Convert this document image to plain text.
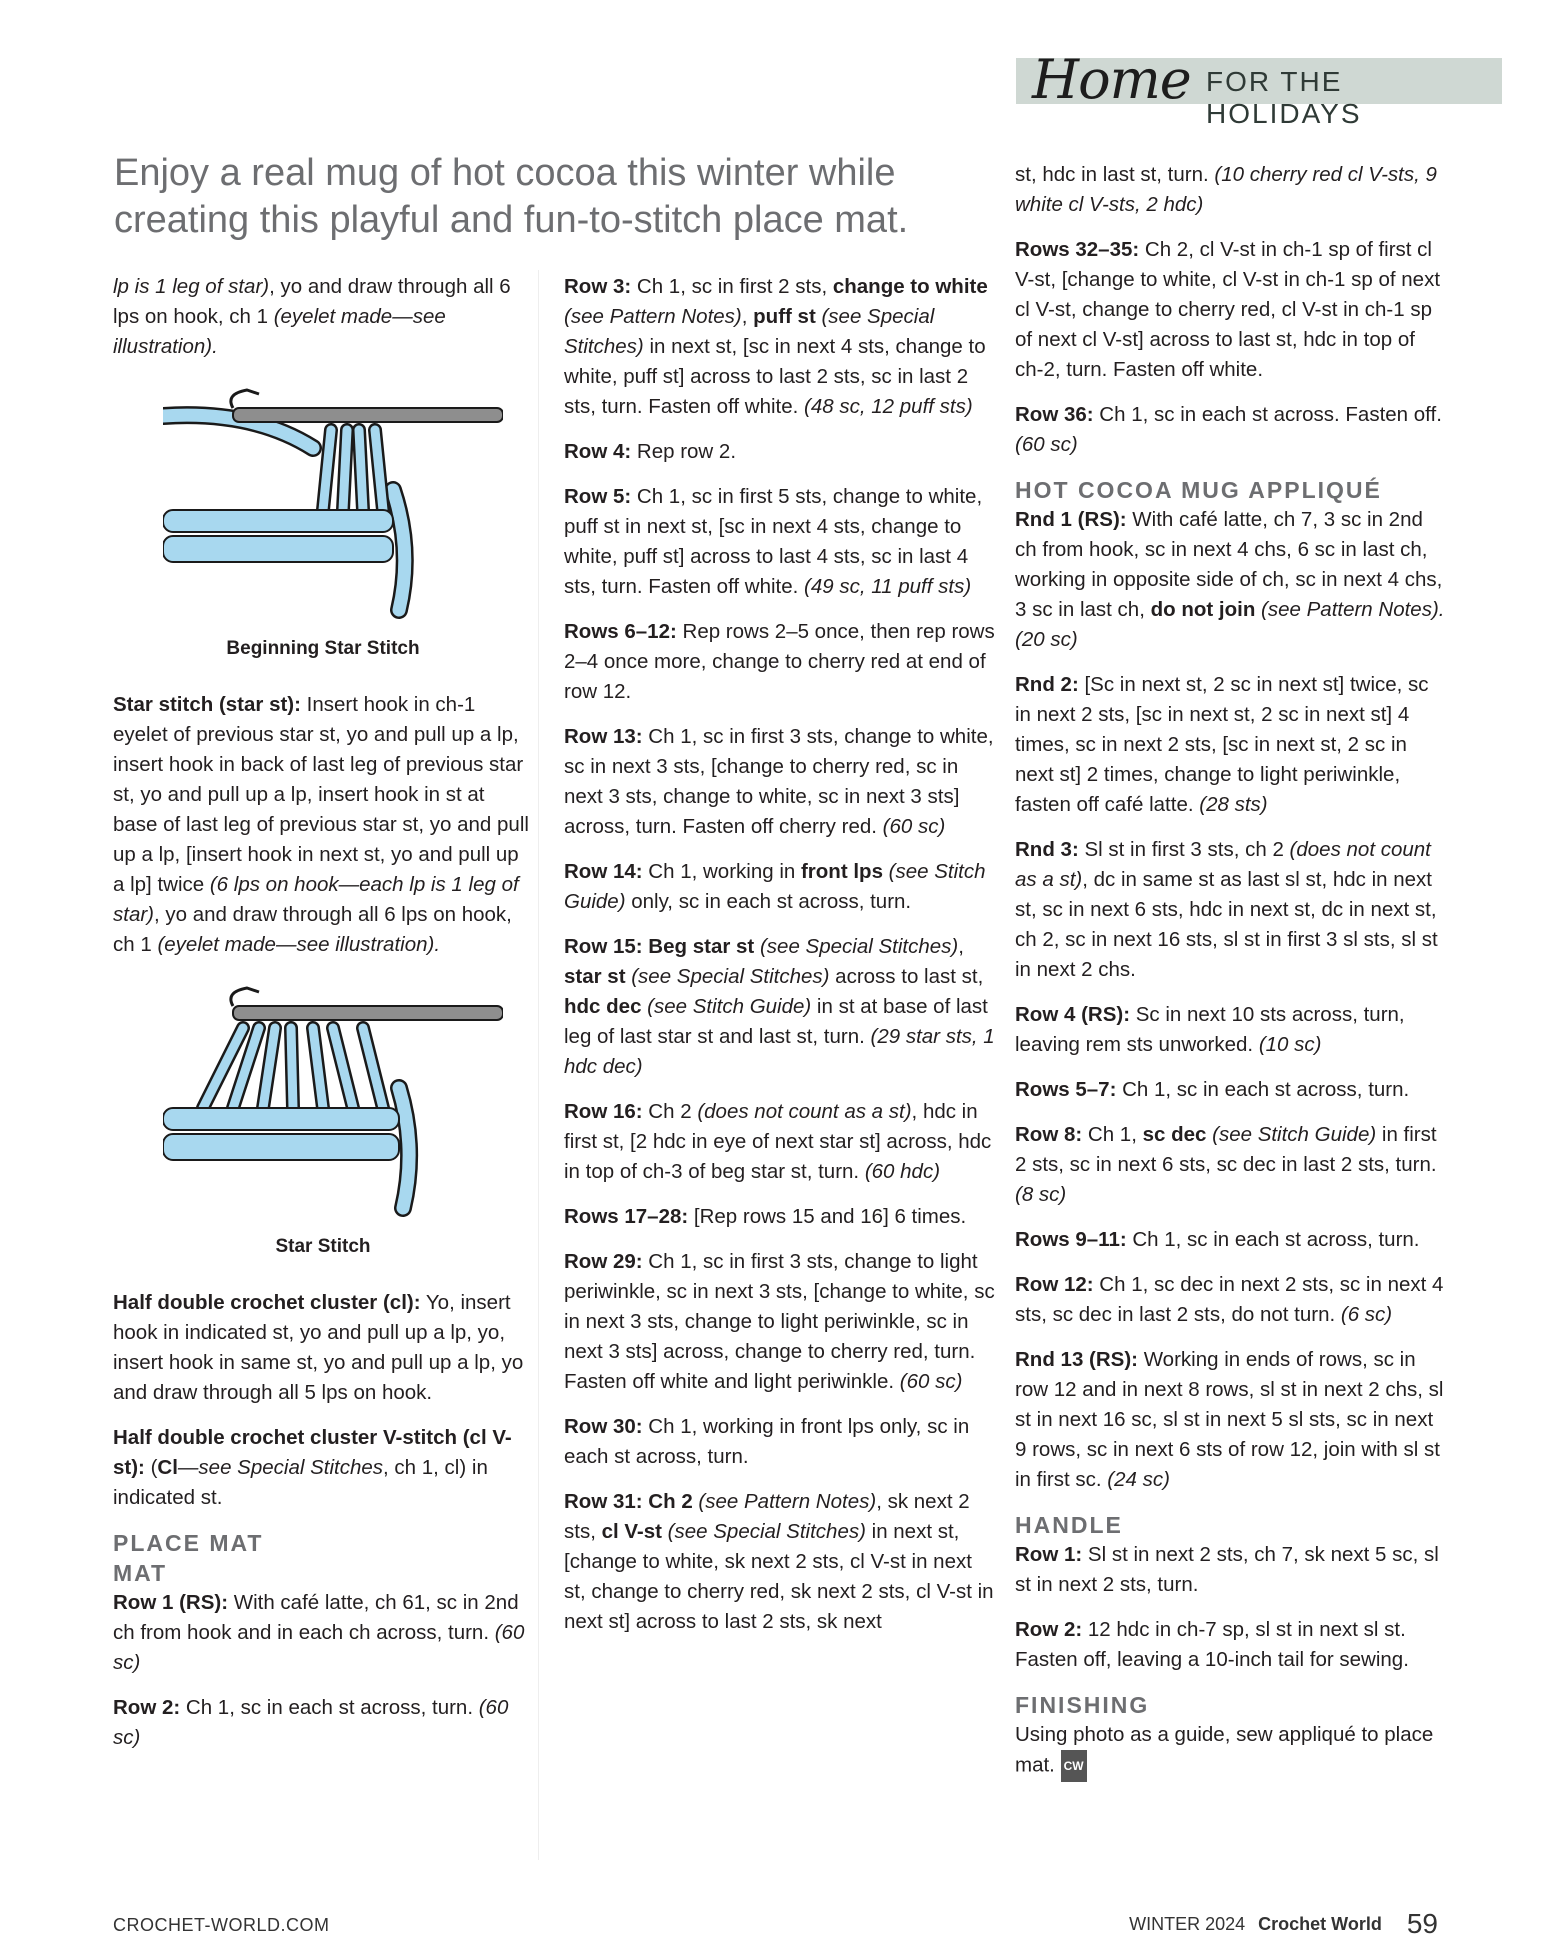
Home FOR THE HOLIDAYS
Enjoy a real mug of hot cocoa this winter while creating this playful and fun-to-stitch place mat.

lp is 1 leg of star), yo and draw through all 6 lps on hook, ch 1 (eyelet made—see illustration).

Beginning Star Stitch

Star stitch (star st): Insert hook in ch-1 eyelet of previous star st, yo and pull up a lp, insert hook in back of last leg of previous star st, yo and pull up a lp, insert hook in st at base of last leg of previous star st, yo and pull up a lp, [insert hook in next st, yo and pull up a lp] twice (6 lps on hook—each lp is 1 leg of star), yo and draw through all 6 lps on hook, ch 1 (eyelet made—see illustration).

Star Stitch

Half double crochet cluster (cl): Yo, insert hook in indicated st, yo and pull up a lp, yo, insert hook in same st, yo and pull up a lp, yo and draw through all 5 lps on hook.

Half double crochet cluster V-stitch (cl V-st): (Cl—see Special Stitches, ch 1, cl) in indicated st.

PLACE MAT
MAT

Row 1 (RS): With café latte, ch 61, sc in 2nd ch from hook and in each ch across, turn. (60 sc)

Row 2: Ch 1, sc in each st across, turn. (60 sc)

Row 3: Ch 1, sc in first 2 sts, change to white (see Pattern Notes), puff st (see Special Stitches) in next st, [sc in next 4 sts, change to white, puff st] across to last 2 sts, sc in last 2 sts, turn. Fasten off white. (48 sc, 12 puff sts)

Row 4: Rep row 2.

Row 5: Ch 1, sc in first 5 sts, change to white, puff st in next st, [sc in next 4 sts, change to white, puff st] across to last 4 sts, sc in last 4 sts, turn. Fasten off white. (49 sc, 11 puff sts)

Rows 6–12: Rep rows 2–5 once, then rep rows 2–4 once more, change to cherry red at end of row 12.

Row 13: Ch 1, sc in first 3 sts, change to white, sc in next 3 sts, [change to cherry red, sc in next 3 sts, change to white, sc in next 3 sts] across, turn. Fasten off cherry red. (60 sc)

Row 14: Ch 1, working in front lps (see Stitch Guide) only, sc in each st across, turn.

Row 15: Beg star st (see Special Stitches), star st (see Special Stitches) across to last st, hdc dec (see Stitch Guide) in st at base of last leg of last star st and last st, turn. (29 star sts, 1 hdc dec)

Row 16: Ch 2 (does not count as a st), hdc in first st, [2 hdc in eye of next star st] across, hdc in top of ch-3 of beg star st, turn. (60 hdc)

Rows 17–28: [Rep rows 15 and 16] 6 times.

Row 29: Ch 1, sc in first 3 sts, change to light periwinkle, sc in next 3 sts, [change to white, sc in next 3 sts, change to light periwinkle, sc in next 3 sts] across, change to cherry red, turn. Fasten off white and light periwinkle. (60 sc)

Row 30: Ch 1, working in front lps only, sc in each st across, turn.

Row 31: Ch 2 (see Pattern Notes), sk next 2 sts, cl V-st (see Special Stitches) in next st, [change to white, sk next 2 sts, cl V-st in next st, change to cherry red, sk next 2 sts, cl V-st in next st] across to last 2 sts, sk next

st, hdc in last st, turn. (10 cherry red cl V-sts, 9 white cl V-sts, 2 hdc)

Rows 32–35: Ch 2, cl V-st in ch-1 sp of first cl V-st, [change to white, cl V-st in ch-1 sp of next cl V-st, change to cherry red, cl V-st in ch-1 sp of next cl V-st] across to last st, hdc in top of ch-2, turn. Fasten off white.

Row 36: Ch 1, sc in each st across. Fasten off. (60 sc)

HOT COCOA MUG APPLIQUÉ

Rnd 1 (RS): With café latte, ch 7, 3 sc in 2nd ch from hook, sc in next 4 chs, 6 sc in last ch, working in opposite side of ch, sc in next 4 chs, 3 sc in last ch, do not join (see Pattern Notes). (20 sc)

Rnd 2: [Sc in next st, 2 sc in next st] twice, sc in next 2 sts, [sc in next st, 2 sc in next st] 4 times, sc in next 2 sts, [sc in next st, 2 sc in next st] 2 times, change to light periwinkle, fasten off café latte. (28 sts)

Rnd 3: Sl st in first 3 sts, ch 2 (does not count as a st), dc in same st as last sl st, hdc in next st, sc in next 6 sts, hdc in next st, dc in next st, ch 2, sc in next 16 sts, sl st in first 3 sl sts, sl st in next 2 chs.

Row 4 (RS): Sc in next 10 sts across, turn, leaving rem sts unworked. (10 sc)

Rows 5–7: Ch 1, sc in each st across, turn.

Row 8: Ch 1, sc dec (see Stitch Guide) in first 2 sts, sc in next 6 sts, sc dec in last 2 sts, turn. (8 sc)

Rows 9–11: Ch 1, sc in each st across, turn.

Row 12: Ch 1, sc dec in next 2 sts, sc in next 4 sts, sc dec in last 2 sts, do not turn. (6 sc)

Rnd 13 (RS): Working in ends of rows, sc in row 12 and in next 8 rows, sl st in next 2 chs, sl st in next 16 sc, sl st in next 5 sl sts, sc in next 9 rows, sc in next 6 sts of row 12, join with sl st in first sc. (24 sc)

HANDLE

Row 1: Sl st in next 2 sts, ch 7, sk next 5 sc, sl st in next 2 sts, turn.

Row 2: 12 hdc in ch-7 sp, sl st in next sl st. Fasten off, leaving a 10-inch tail for sewing.

FINISHING

Using photo as a guide, sew appliqué to place mat. CW

CROCHET-WORLD.COM	WINTER 2024 Crochet World 59
